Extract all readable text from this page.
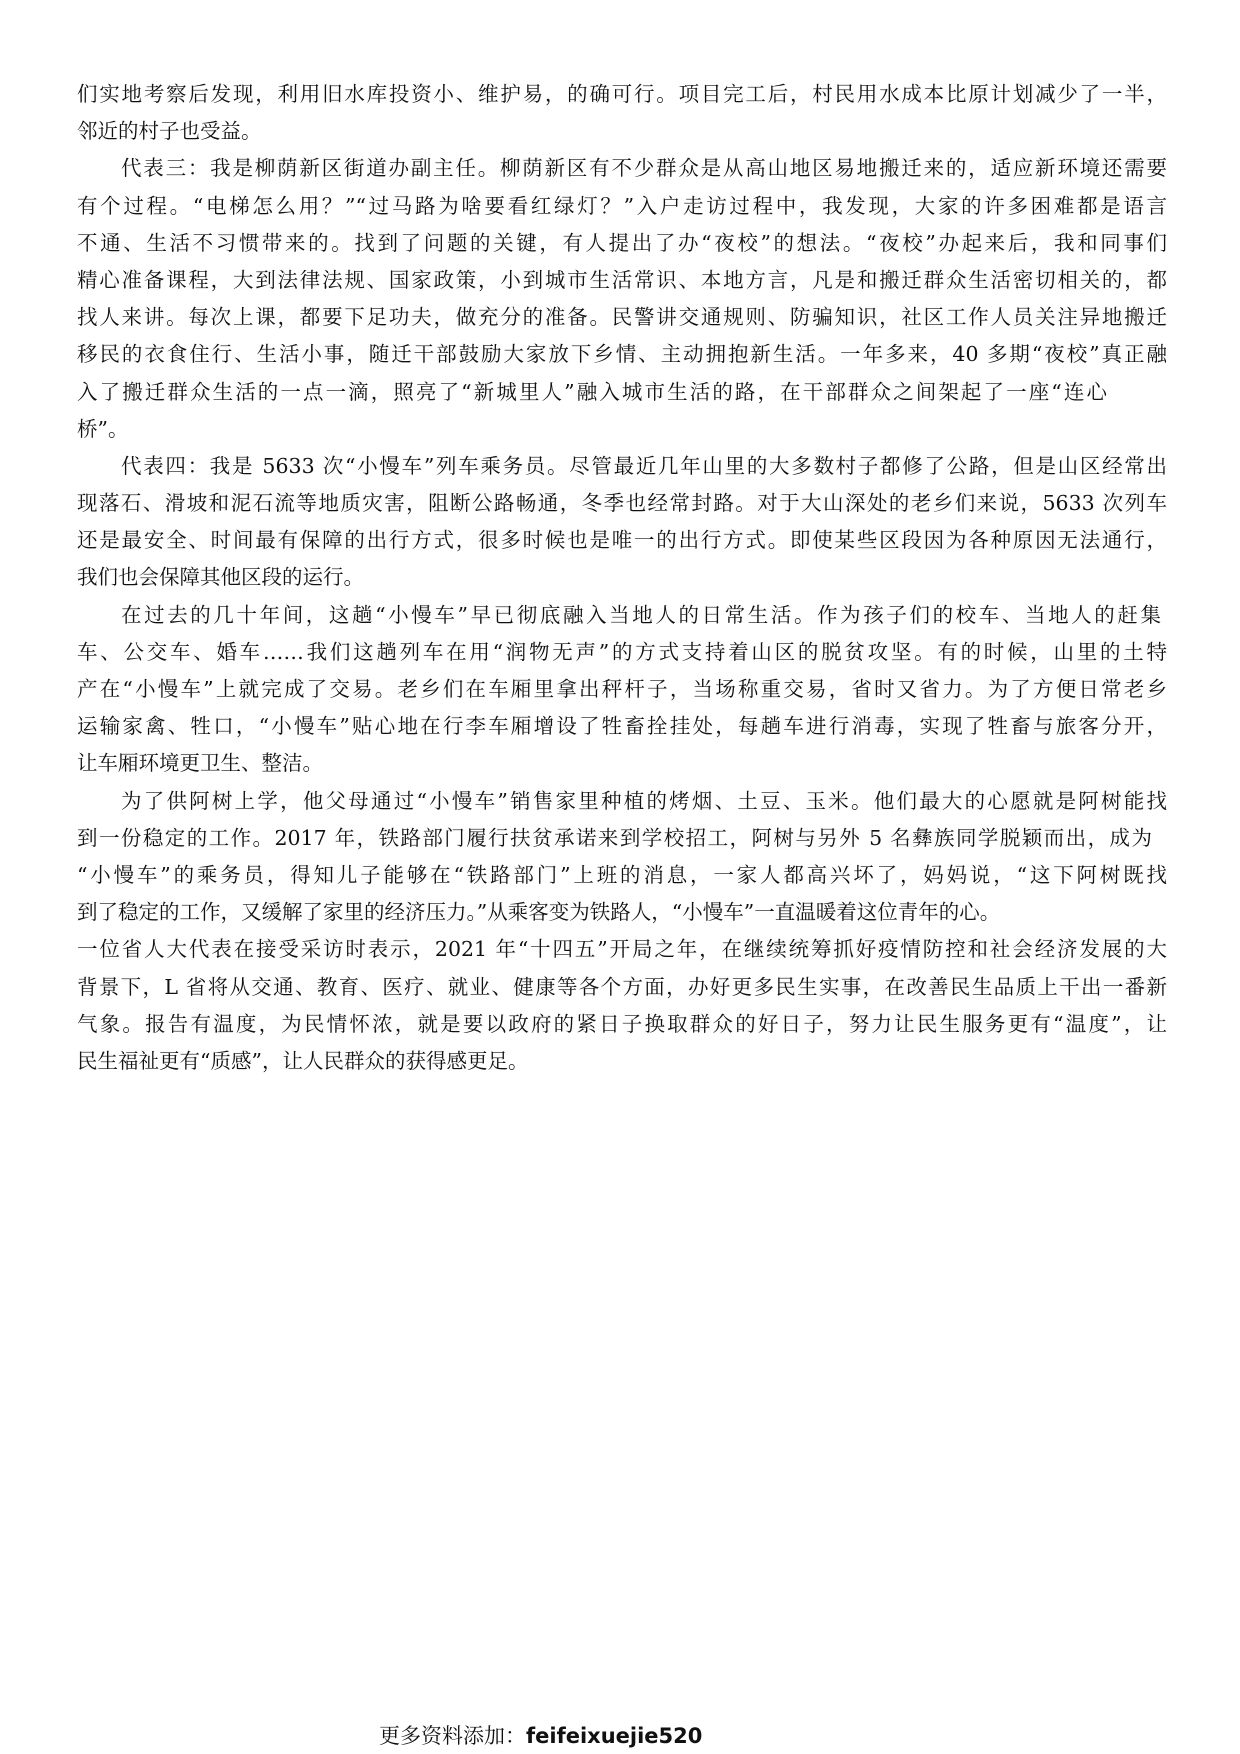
们实地考察后发现，利用旧水库投资小、维护易，的确可行。项目完工后，村民用水成本比原计划减少了一半，
邻近的村子也受益。
代表三：我是柳荫新区街道办副主任。柳荫新区有不少群众是从高山地区易地搬迁来的，适应新环境还需要
有个过程。“电梯怎么用？”“过马路为啥要看红绿灯？”入户走访过程中，我发现，大家的许多困难都是语言
不通、生活不习惯带来的。找到了问题的关键，有人提出了办“夜校”的想法。“夜校”办起来后，我和同事们
精心准备课程，大到法律法规、国家政策，小到城市生活常识、本地方言，凡是和搬迁群众生活密切相关的，都
找人来讲。每次上课，都要下足功夫，做充分的准备。民警讲交通规则、防骗知识，社区工作人员关注异地搬迁
移民的衣食住行、生活小事，随迁干部鼓励大家放下乡情、主动拥抱新生活。一年多来，40 多期“夜校”真正融
入了搬迁群众生活的一点一滴，照亮了“新城里人”融入城市生活的路，在干部群众之间架起了一座“连心
桥”。
代表四：我是 5633 次“小慢车”列车乘务员。尽管最近几年山里的大多数村子都修了公路，但是山区经常出
现落石、滑坡和泥石流等地质灾害，阻断公路畅通，冬季也经常封路。对于大山深处的老乡们来说，5633 次列车
还是最安全、时间最有保障的出行方式，很多时候也是唯一的出行方式。即使某些区段因为各种原因无法通行，
我们也会保障其他区段的运行。
在过去的几十年间，这趟“小慢车”早已彻底融入当地人的日常生活。作为孩子们的校车、当地人的赶集
车、公交车、婚车……我们这趟列车在用“润物无声”的方式支持着山区的脱贫攻坚。有的时候，山里的土特
产在“小慢车”上就完成了交易。老乡们在车厢里拿出秤杆子，当场称重交易，省时又省力。为了方便日常老乡
运输家禽、牲口，“小慢车”贴心地在行李车厢增设了牲畜拴挂处，每趟车进行消毒，实现了牲畜与旅客分开，
让车厢环境更卫生、整洁。
为了供阿树上学，他父母通过“小慢车”销售家里种植的烤烟、土豆、玉米。他们最大的心愿就是阿树能找
到一份稳定的工作。2017 年，铁路部门履行扶贫承诺来到学校招工，阿树与另外 5 名彝族同学脱颖而出，成为
“小慢车”的乘务员，得知儿子能够在“铁路部门”上班的消息，一家人都高兴坏了，妈妈说，“这下阿树既找
到了稳定的工作，又缓解了家里的经济压力。”从乘客变为铁路人，“小慢车”一直温暖着这位青年的心。
一位省人大代表在接受采访时表示，2021 年“十四五”开局之年，在继续统筹抓好疫情防控和社会经济发展的大
背景下，L 省将从交通、教育、医疗、就业、健康等各个方面，办好更多民生实事，在改善民生品质上干出一番新
气象。报告有温度，为民情怀浓，就是要以政府的紧日子换取群众的好日子，努力让民生服务更有“温度”，让
民生福祉更有“质感”，让人民群众的获得感更足。
更多资料添加：feifeixuejie520
